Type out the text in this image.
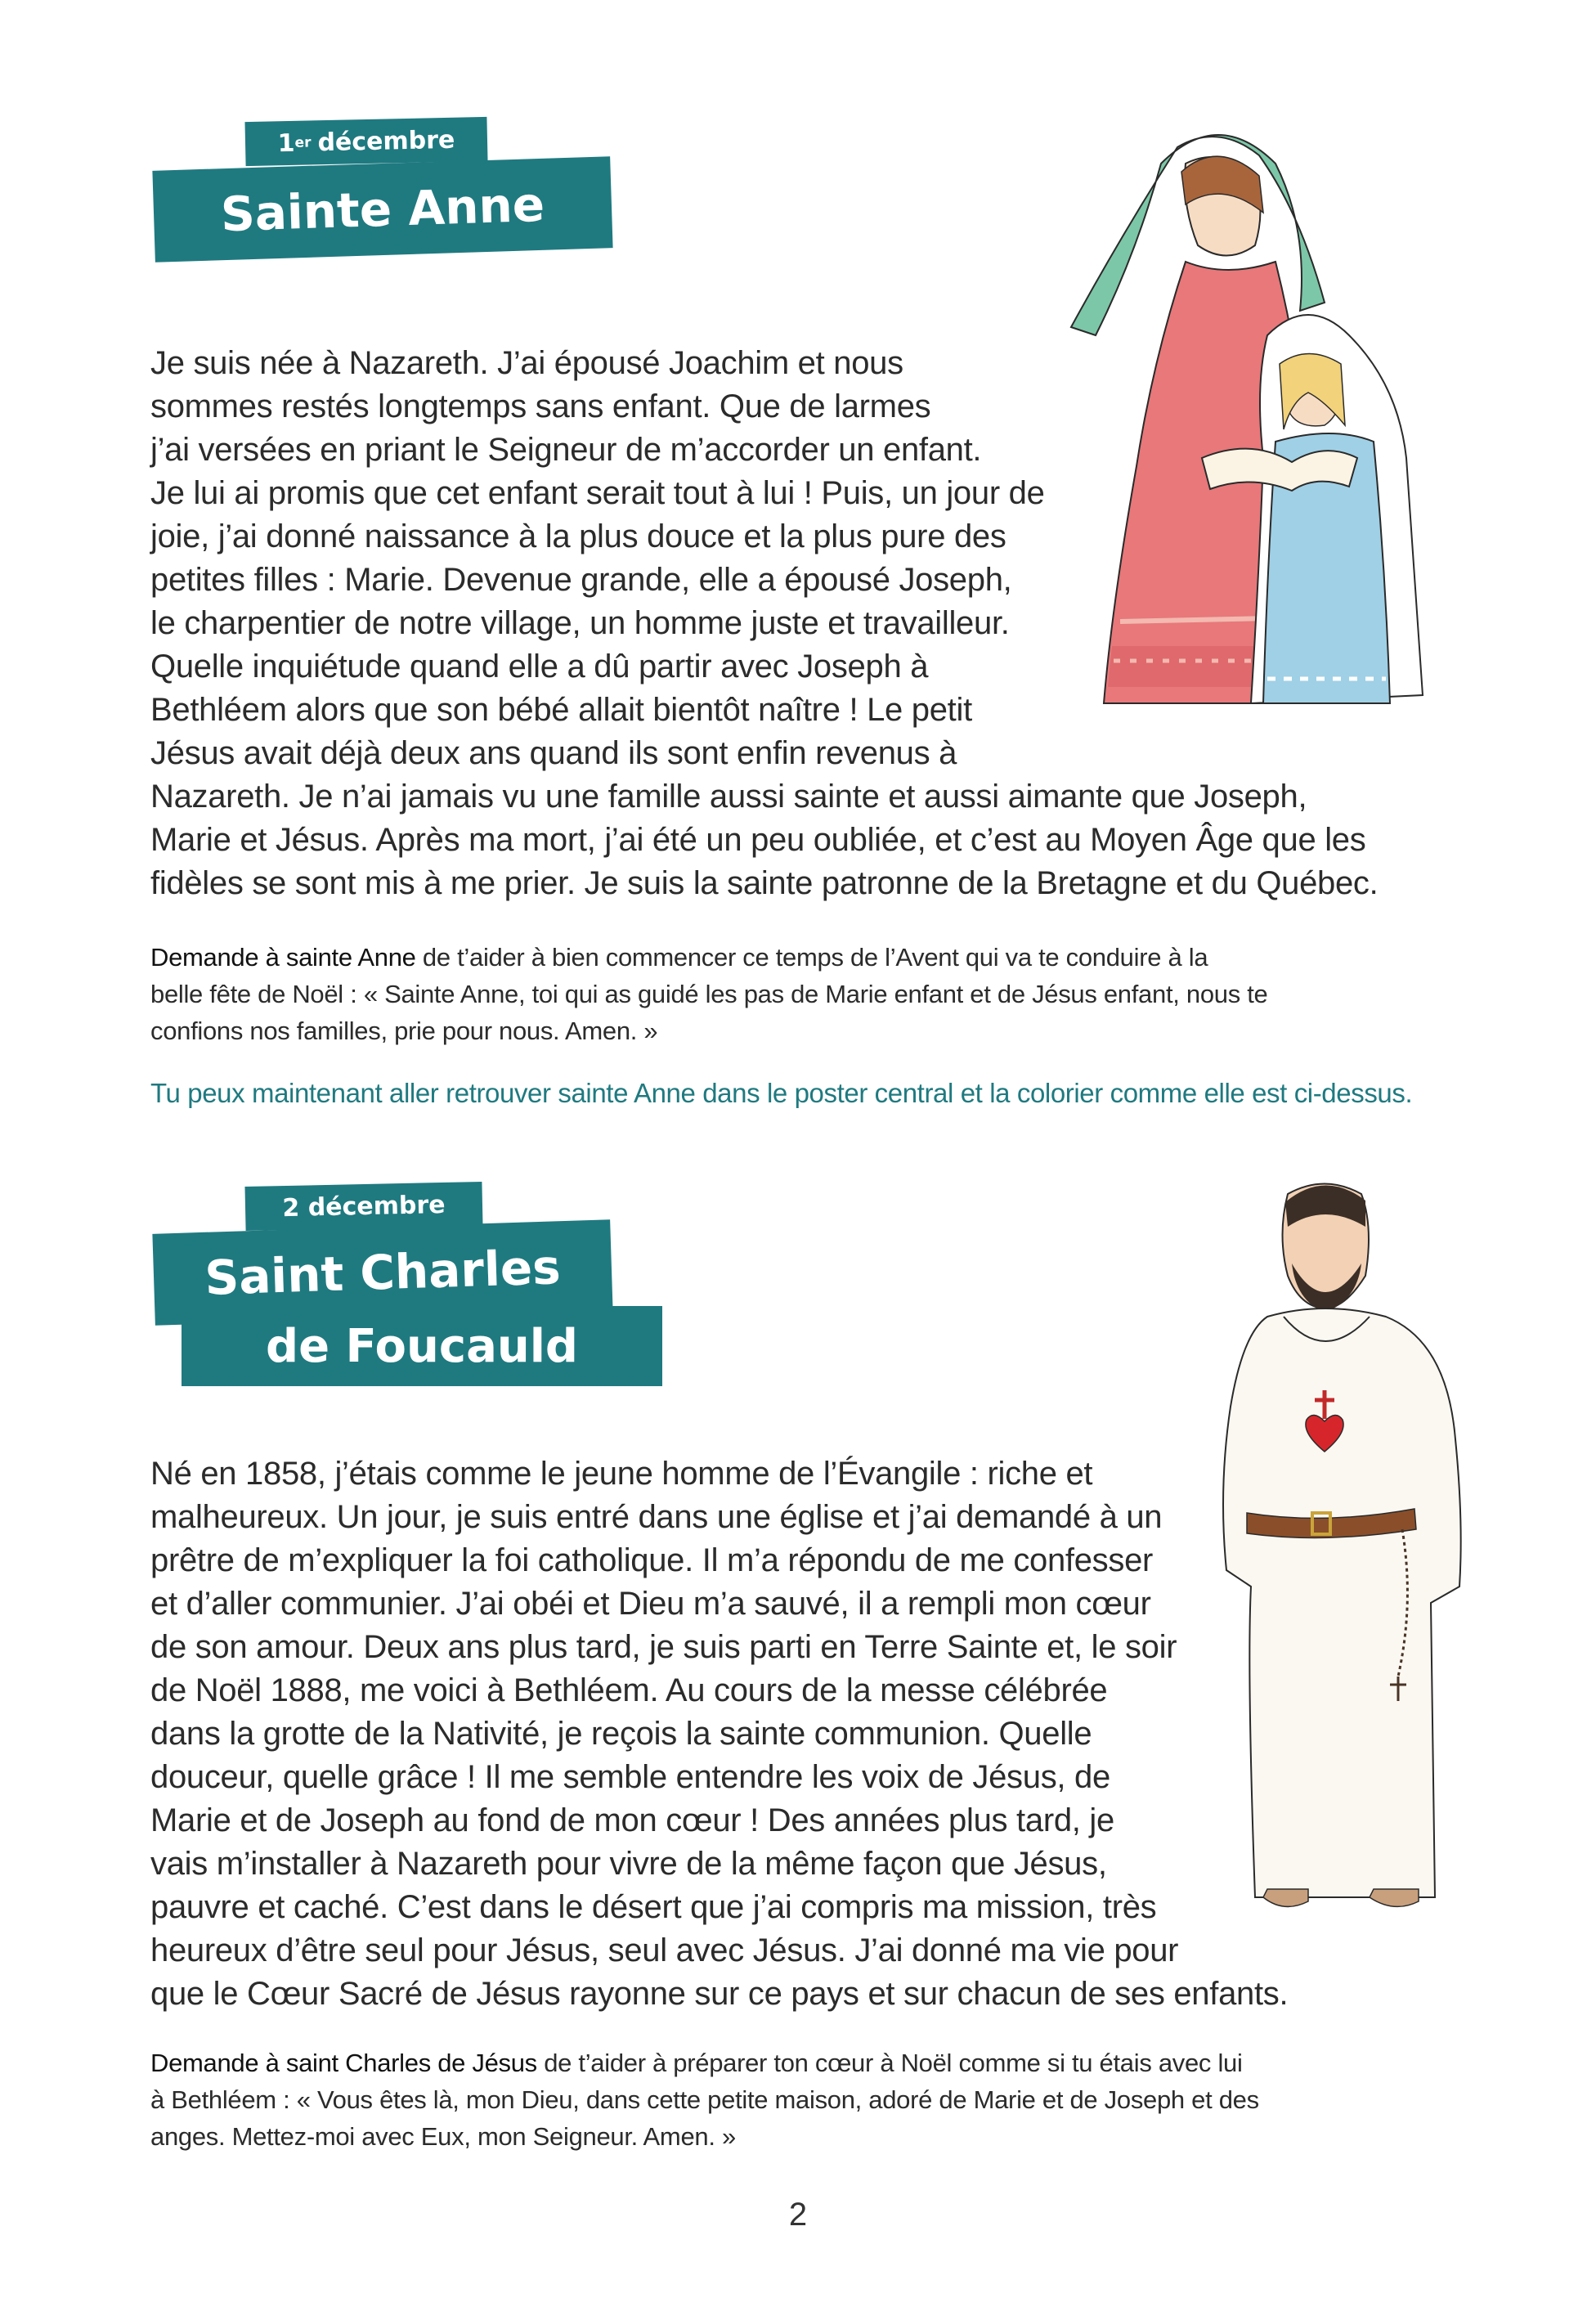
1 er décembre
Sainte Anne

Je suis née à Nazareth. J’ai épousé Joachim et nous
sommes restés longtemps sans enfant. Que de larmes
j’ai versées en priant le Seigneur de m’accorder un enfant.
Je lui ai promis que cet enfant serait tout à lui ! Puis, un jour de
joie, j’ai donné naissance à la plus douce et la plus pure des
petites filles : Marie. Devenue grande, elle a épousé Joseph,
le charpentier de notre village, un homme juste et travailleur.
Quelle inquiétude quand elle a dû partir avec Joseph à
Bethléem alors que son bébé allait bientôt naître ! Le petit
Jésus avait déjà deux ans quand ils sont enfin revenus à
Nazareth. Je n’ai jamais vu une famille aussi sainte et aussi aimante que Joseph,
Marie et Jésus. Après ma mort, j’ai été un peu oubliée, et c’est au Moyen Âge que les
fidèles se sont mis à me prier. Je suis la sainte patronne de la Bretagne et du Québec.

Demande à sainte Anne de t’aider à bien commencer ce temps de l’Avent qui va te conduire à la
belle fête de Noël : « Sainte Anne, toi qui as guidé les pas de Marie enfant et de Jésus enfant, nous te
confions nos familles, prie pour nous. Amen. »

Tu peux maintenant aller retrouver sainte Anne dans le poster central et la colorier comme elle est ci-dessus.

2 décembre
Saint Charles
de Foucauld

Né en 1858, j’étais comme le jeune homme de l’Évangile : riche et
malheureux. Un jour, je suis entré dans une église et j’ai demandé à un
prêtre de m’expliquer la foi catholique. Il m’a répondu de me confesser
et d’aller communier. J’ai obéi et Dieu m’a sauvé, il a rempli mon cœur
de son amour. Deux ans plus tard, je suis parti en Terre Sainte et, le soir
de Noël 1888, me voici à Bethléem. Au cours de la messe célébrée
dans la grotte de la Nativité, je reçois la sainte communion. Quelle
douceur, quelle grâce ! Il me semble entendre les voix de Jésus, de
Marie et de Joseph au fond de mon cœur ! Des années plus tard, je
vais m’installer à Nazareth pour vivre de la même façon que Jésus,
pauvre et caché. C’est dans le désert que j’ai compris ma mission, très
heureux d’être seul pour Jésus, seul avec Jésus. J’ai donné ma vie pour
que le Cœur Sacré de Jésus rayonne sur ce pays et sur chacun de ses enfants.

Demande à saint Charles de Jésus de t’aider à préparer ton cœur à Noël comme si tu étais avec lui
à Bethléem : « Vous êtes là, mon Dieu, dans cette petite maison, adoré de Marie et de Joseph et des
anges. Mettez-moi avec Eux, mon Seigneur. Amen. »

2
